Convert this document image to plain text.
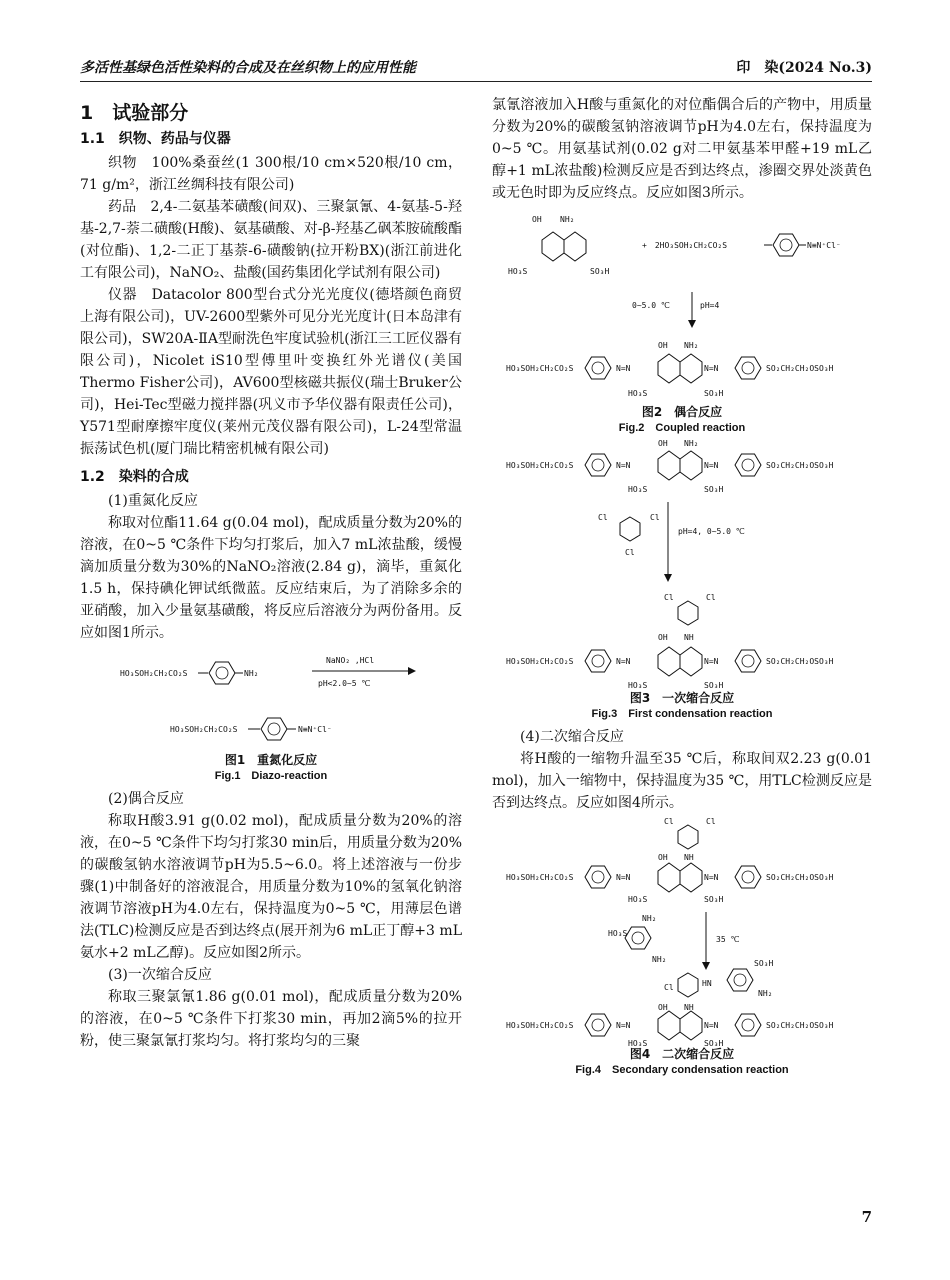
多活性基绿色活性染料的合成及在丝织物上的应用性能	印　染(2024 No.3)
1　试验部分
1.1　织物、药品与仪器

织物　100%桑蚕丝(1 300根/10 cm×520根/10 cm，71 g/m²，浙江丝绸科技有限公司)

药品　2,4-二氨基苯磺酸(间双)、三聚氯氰、4-氨基-5-羟基-2,7-萘二磺酸(H酸)、氨基磺酸、对-β-羟基乙砜苯胺硫酸酯(对位酯)、1,2-二正丁基萘-6-磺酸钠(拉开粉BX)(浙江前进化工有限公司)，NaNO₂、盐酸(国药集团化学试剂有限公司)

仪器　Datacolor 800型台式分光光度仪(德塔颜色商贸上海有限公司)，UV-2600型紫外可见分光光度计(日本岛津有限公司)，SW20A-ⅡA型耐洗色牢度试验机(浙江三工匠仪器有限公司)，Nicolet iS10型傅里叶变换红外光谱仪(美国Thermo Fisher公司)，AV600型核磁共振仪(瑞士Bruker公司)，Hei-Tec型磁力搅拌器(巩义市予华仪器有限责任公司)，Y571型耐摩擦牢度仪(莱州元茂仪器有限公司)，L-24型常温振荡试色机(厦门瑞比精密机械有限公司)

1.2　染料的合成

(1)重氮化反应

称取对位酯11.64 g(0.04 mol)，配成质量分数为20%的溶液，在0~5 ℃条件下均匀打浆后，加入7 mL浓盐酸，缓慢滴加质量分数为30%的NaNO₂溶液(2.84 g)，滴毕，重氮化1.5 h，保持碘化钾试纸微蓝。反应结束后，为了消除多余的亚硝酸，加入少量氨基磺酸，将反应后溶液分为两份备用。反应如图1所示。

HO₃SOH₂CH₂CO₂S	NH₂
NaNO₂ ,HCl
pH<2.0~5 ℃
HO₃SOH₂CH₂CO₂S	N≡N⁺Cl⁻
图1　重氮化反应
Fig.1　Diazo-reaction

(2)偶合反应

称取H酸3.91 g(0.02 mol)，配成质量分数为20%的溶液，在0~5 ℃条件下均匀打浆30 min后，用质量分数为20%的碳酸氢钠水溶液调节pH为5.5~6.0。将上述溶液与一份步骤(1)中制备好的溶液混合，用质量分数为10%的氢氧化钠溶液调节溶液pH为4.0左右，保持温度为0~5 ℃，用薄层色谱法(TLC)检测反应是否到达终点(展开剂为6 mL正丁醇+3 mL氨水+2 mL乙醇)。反应如图2所示。

(3)一次缩合反应

称取三聚氯氰1.86 g(0.01 mol)，配成质量分数为20%的溶液，在0~5 ℃条件下打浆30 min，再加2滴5%的拉开粉，使三聚氯氰打浆均匀。将打浆均匀的三聚

氯氰溶液加入H酸与重氮化的对位酯偶合后的产物中，用质量分数为20%的碳酸氢钠溶液调节pH为4.0左右，保持温度为0~5 ℃。用氨基试剂(0.02 g对二甲氨基苯甲醛+19 mL乙醇+1 mL浓盐酸)检测反应是否到达终点，渗圈交界处淡黄色或无色时即为反应终点。反应如图3所示。

OH NH₂
HO₃S	SO₃H
+　2HO₃SOH₂CH₂CO₂S	N≡N⁺Cl⁻
0~5.0 ℃	pH=4
HO₃SOH₂CH₂CO₂S	N=N
OH NH₂
N=N	SO₂CH₂CH₂OSO₃H
HO₃S	SO₃H
图2　偶合反应
Fig.2　Coupled reaction
HO₃SOH₂CH₂CO₂S	N=N
OH NH₂
N=N	SO₂CH₂CH₂OSO₃H
HO₃S	SO₃H
Cl	Cl
Cl
pH=4, 0~5.0 ℃
Cl	Cl
OH NH
HO₃SOH₂CH₂CO₂S	N=N	N=N	SO₂CH₂CH₂OSO₃H
HO₃S	SO₃H
图3　一次缩合反应
Fig.3　First condensation reaction

(4)二次缩合反应

将H酸的一缩物升温至35 ℃后，称取间双2.23 g(0.01 mol)，加入一缩物中，保持温度为35 ℃，用TLC检测反应是否到达终点。反应如图4所示。

Cl	Cl
OH NH
HO₃SOH₂CH₂CO₂S	N=N	N=N	SO₂CH₂CH₂OSO₃H
HO₃S	SO₃H
HO₃S
NH₂
NH₂
35 ℃
Cl	HN
SO₃H
NH₂
OH NH
HO₃SOH₂CH₂CO₂S	N=N	N=N	SO₂CH₂CH₂OSO₃H
HO₃S	SO₃H
图4　二次缩合反应
Fig.4　Secondary condensation reaction
7
